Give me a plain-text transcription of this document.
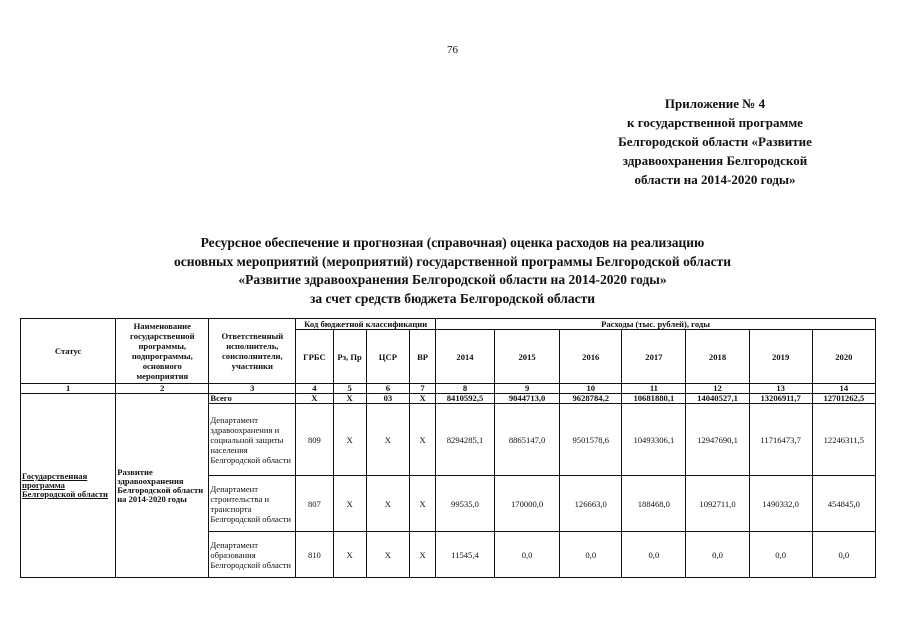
76
Приложение № 4
к государственной программе
Белгородской области «Развитие
здравоохранения Белгородской
области на 2014-2020 годы»
Ресурсное обеспечение и прогнозная (справочная) оценка расходов на реализацию
основных мероприятий (мероприятий) государственной программы Белгородской области
«Развитие здравоохранения Белгородской области на 2014-2020 годы»
за счет средств бюджета Белгородской области
Статус	Наименование государственной программы, подпрограммы, основного мероприятия	Ответственный исполнитель, соисполнители, участники	Код бюджетной классификации				Расходы (тыс. рублей), годы						
			ГРБС	Рз, Пр	ЦСР	ВР	2014	2015	2016	2017	2018	2019	2020
1	2	3	4	5	6	7	8	9	10	11	12	13	14
Государственная программа Белгородской области	Развитие здравоохранения Белгородской области на 2014-2020 годы	Всего	X	X	03	X	8410592,5	9044713,0	9628784,2	10681880,1	14040527,1	13206911,7	12701262,5
		Департамент здравоохранения и социальной защиты населения Белгородской области	809	X	X	X	8294285,1	8865147,0	9501578,6	10493306,1	12947690,1	11716473,7	12246311,5
		Департамент строительства и транспорта Белгородской области	807	X	X	X	99535,0	170000,0	126663,0	188468,0	1092711,0	1490332,0	454845,0
		Департамент образования Белгородской области	810	X	X	X	11545,4	0,0	0,0	0,0	0,0	0,0	0,0
